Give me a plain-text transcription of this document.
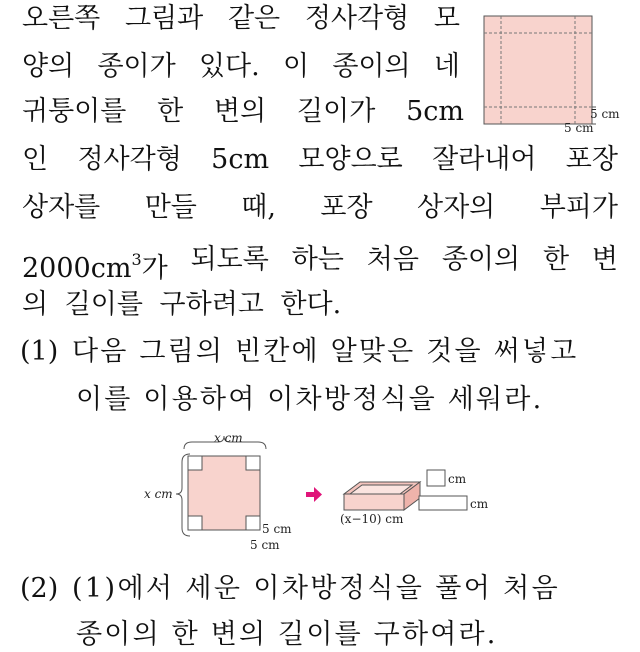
오른쪽 그림과 같은 정사각형 모
양의 종이가 있다. 이 종이의 네
귀퉁이를 한 변의 길이가 5cm
인 정사각형 5cm 모양으로 잘라내어 포장
상자를 만들 때, 포장 상자의 부피가
$2000cm^3$가 되도록 하는 처음 종이의 한 변
의 길이를 구하려고 한다.
5 cm
5 cm
(1) 다음 그림의 빈칸에 알맞은 것을 써넣고
이를 이용하여 이차방정식을 세워라.
x cm
x cm
5 cm
5 cm
(x−10) cm
cm
cm
(2) (1)에서 세운 이차방정식을 풀어 처음
종이의 한 변의 길이를 구하여라.
